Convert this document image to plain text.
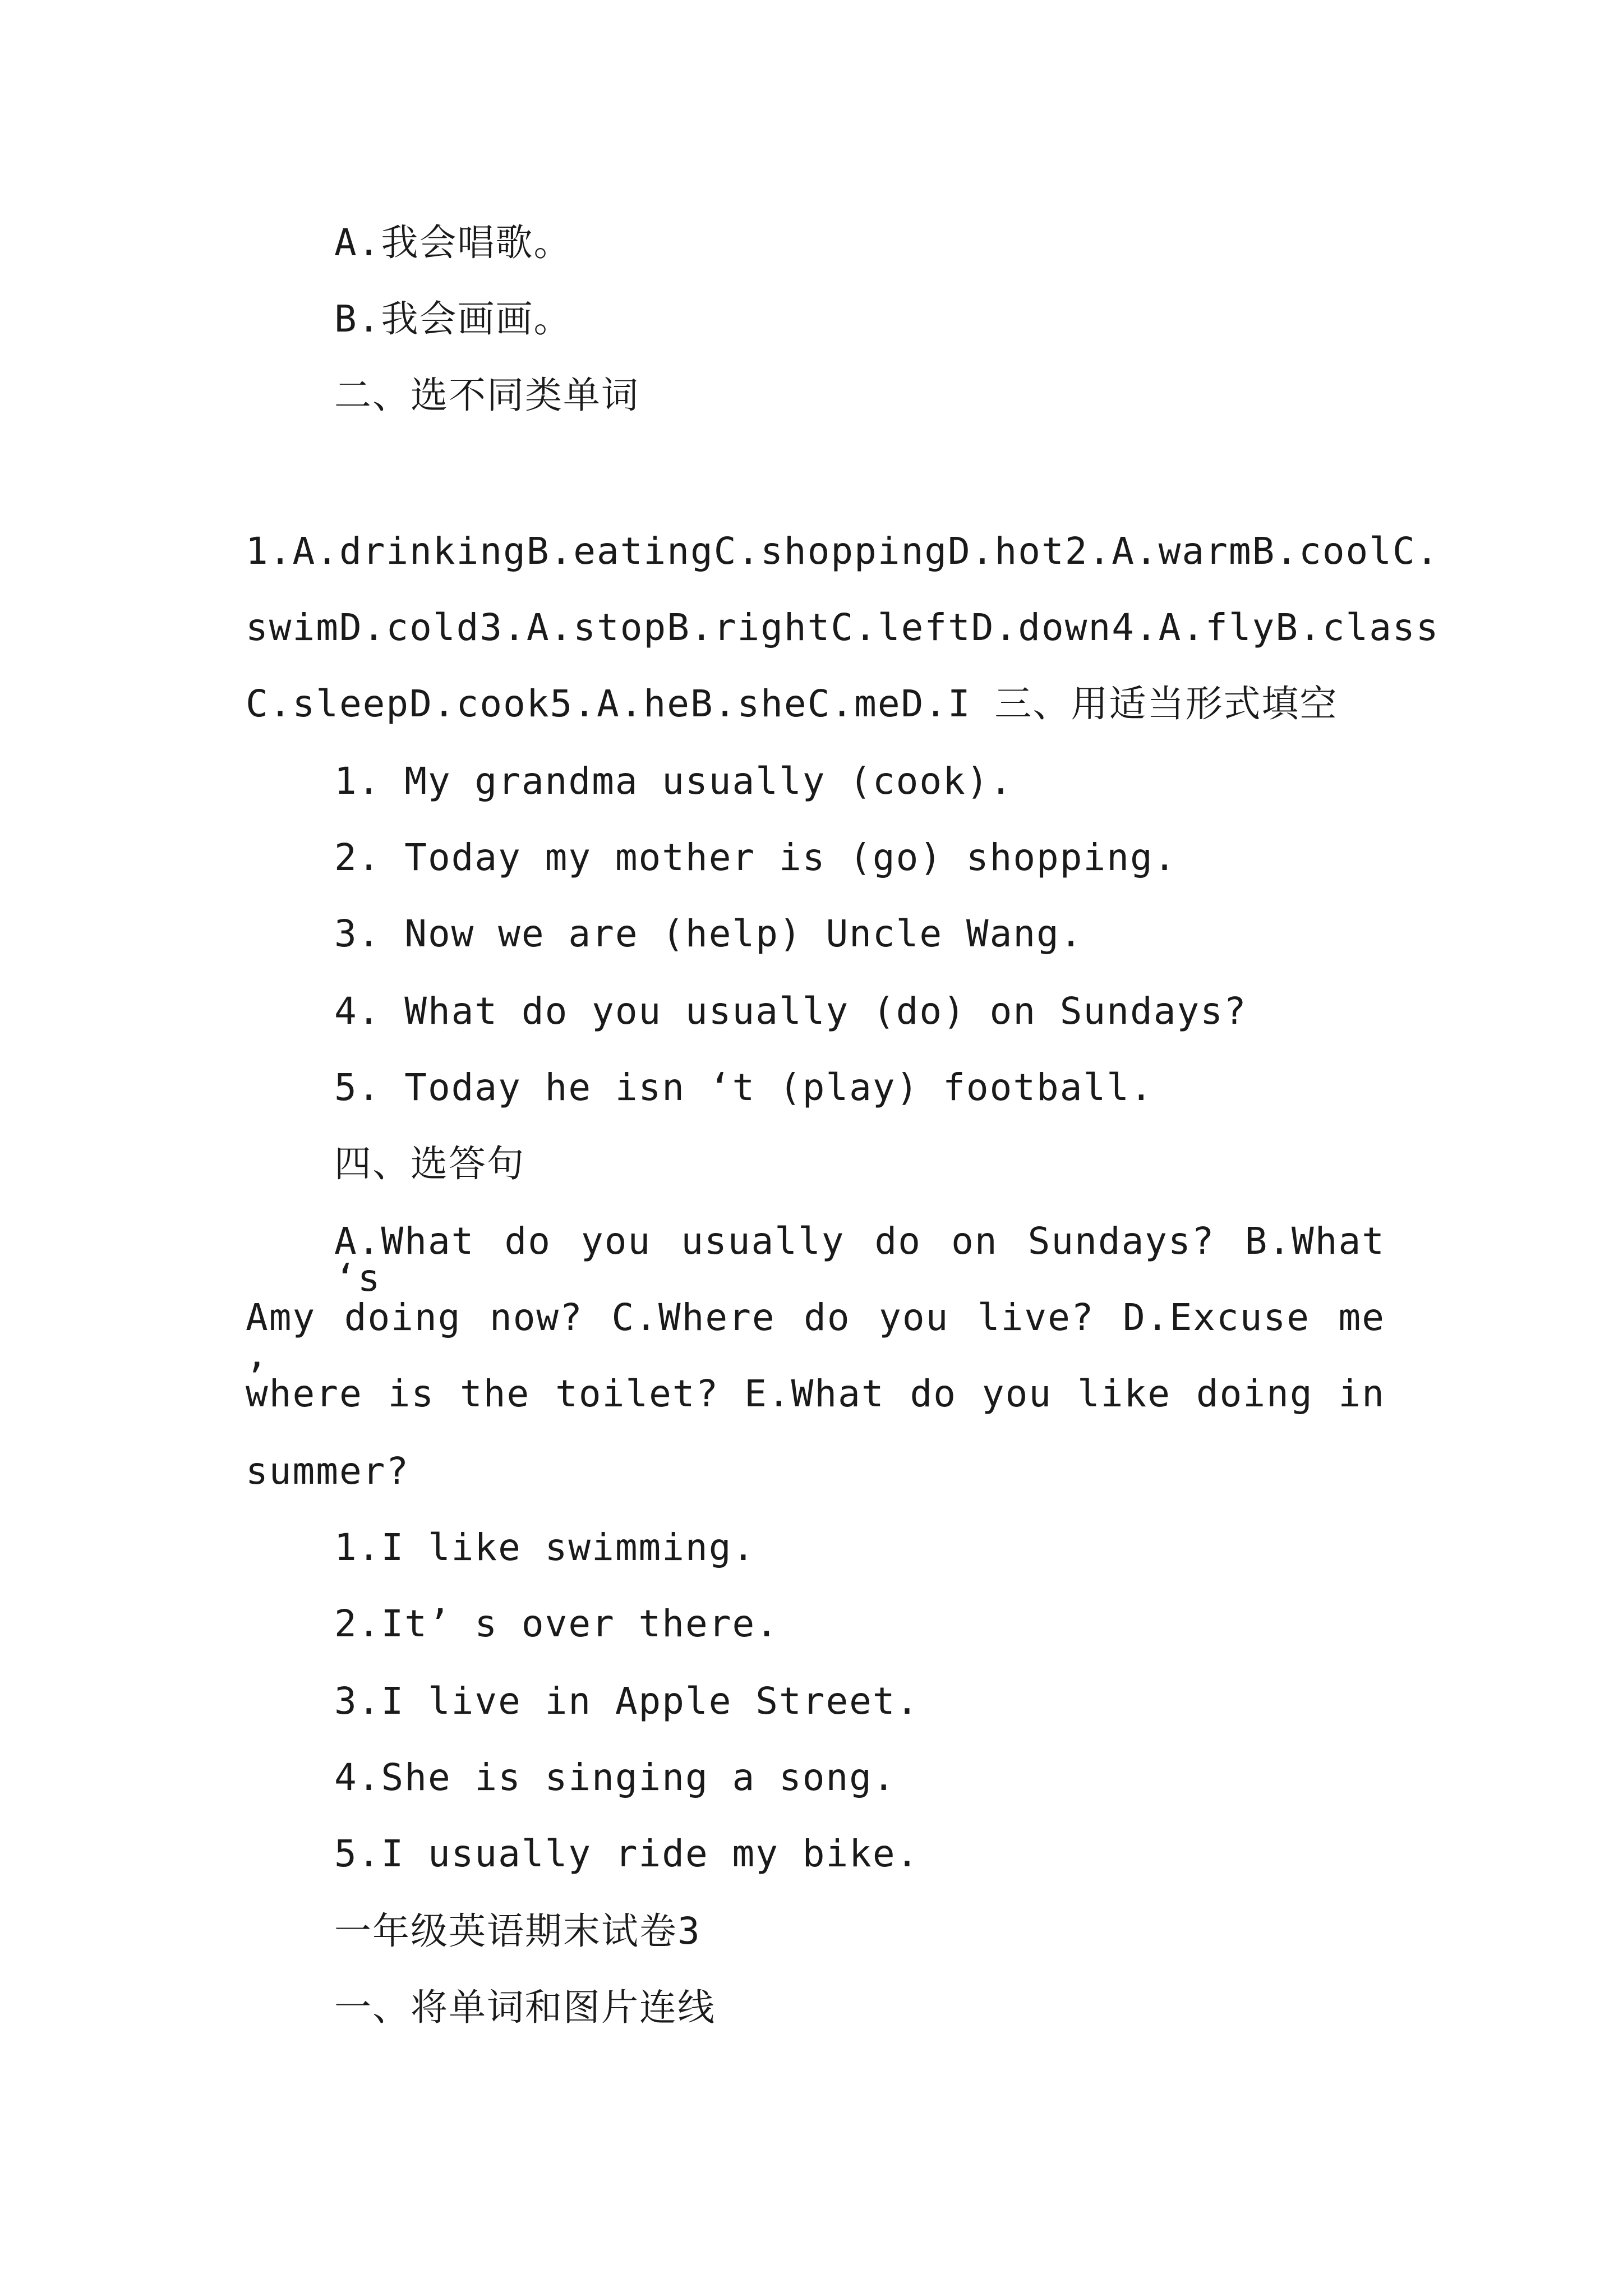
A.我会唱歌。
B.我会画画。
二、选不同类单词
1.A.drinkingB.eatingC.shoppingD.hot2.A.warmB.coolC.
swimD.cold3.A.stopB.rightC.leftD.down4.A.flyB.class
C.sleepD.cook5.A.heB.sheC.meD.I 三、用适当形式填空
1. My grandma usually (cook).
2. Today my mother is (go) shopping.
3. Now we are (help) Uncle Wang.
4. What do you usually (do) on Sundays?
5. Today he isn ‘t (play) football.
四、选答句
A.What do you usually do on Sundays? B.What ‘s
Amy doing now? C.Where do you live? D.Excuse me ,
where is the toilet? E.What do you like doing in
summer?
1.I like swimming.
2.It’ s over there.
3.I live in Apple Street.
4.She is singing a song.
5.I usually ride my bike.
一年级英语期末试卷3
一、将单词和图片连线
